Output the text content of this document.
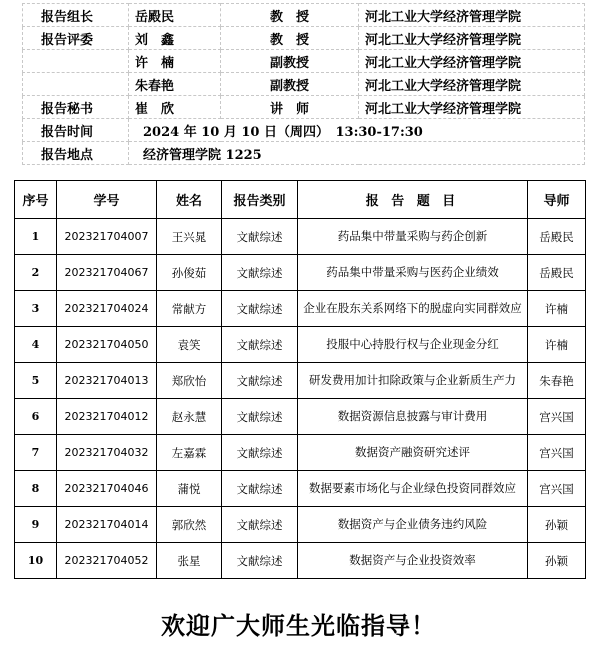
报告组长	岳殿民	教　授	河北工业大学经济管理学院
报告评委	刘　鑫	教　授	河北工业大学经济管理学院
	许　楠	副教授	河北工业大学经济管理学院
	朱春艳	副教授	河北工业大学经济管理学院
报告秘书	崔　欣	讲　师	河北工业大学经济管理学院
报告时间	2024 年 10 月 10 日（周四）　13:30-17:30		
报告地点	经济管理学院 1225		
序号	学号	姓名	报告类别	报 告 题 目	导师
1	202321704007	王兴晁	文献综述	药品集中带量采购与药企创新	岳殿民
2	202321704067	孙俊茹	文献综述	药品集中带量采购与医药企业绩效	岳殿民
3	202321704024	常献方	文献综述	企业在股东关系网络下的脱虚向实同群效应	许楠
4	202321704050	袁笑	文献综述	投服中心持股行权与企业现金分红	许楠
5	202321704013	郑欣怡	文献综述	研发费用加计扣除政策与企业新质生产力	朱春艳
6	202321704012	赵永慧	文献综述	数据资源信息披露与审计费用	宫兴国
7	202321704032	左嘉霖	文献综述	数据资产融资研究述评	宫兴国
8	202321704046	蒲悦	文献综述	数据要素市场化与企业绿色投资同群效应	宫兴国
9	202321704014	郭欣然	文献综述	数据资产与企业债务违约风险	孙颖
10	202321704052	张星	文献综述	数据资产与企业投资效率	孙颖
欢迎广大师生光临指导！
